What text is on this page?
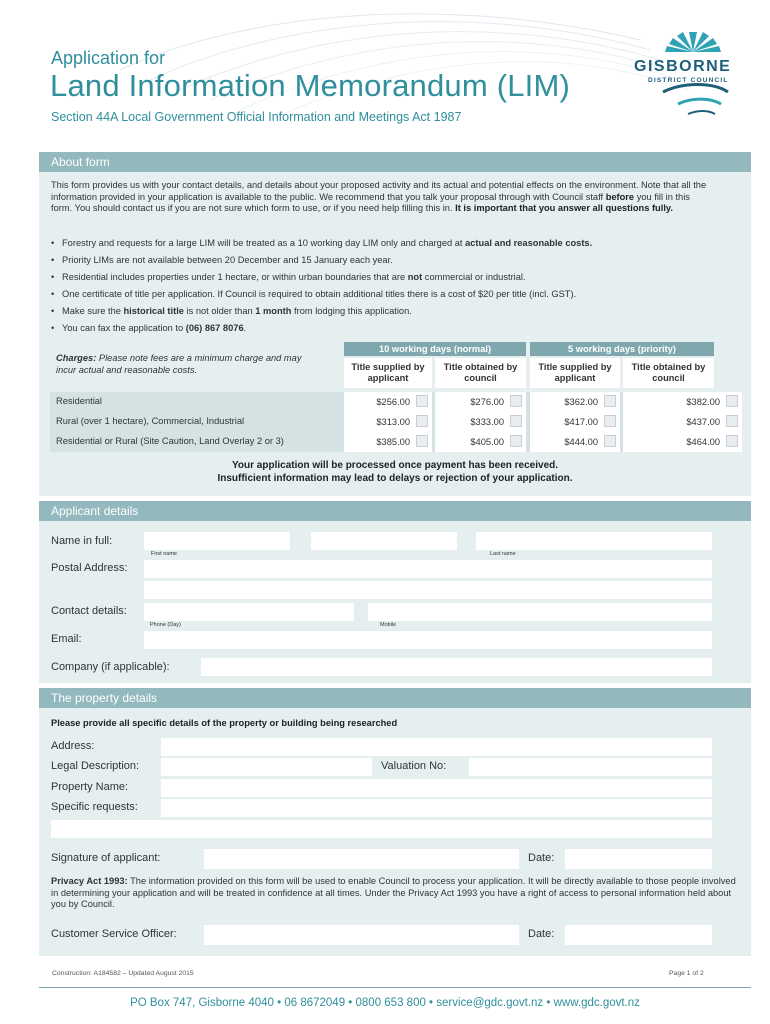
Application for
Land Information Memorandum (LIM)
Section 44A Local Government Official Information and Meetings Act 1987
GISBORNE
DISTRICT COUNCIL
About form
This form provides us with your contact details, and details about your proposed activity and its actual and potential effects on the environment. Note that all the information provided in your application is available to the public. We recommend that you talk your proposal through with Council staff before you fill in this form. You should contact us if you are not sure which form to use, or if you need help filling this in. It is important that you answer all questions fully.
• Forestry and requests for a large LIM will be treated as a 10 working day LIM only and charged at actual and reasonable costs.
• Priority LIMs are not available between 20 December and 15 January each year.
• Residential includes properties under 1 hectare, or within urban boundaries that are not commercial or industrial.
• One certificate of title per application. If Council is required to obtain additional titles there is a cost of $20 per title (incl. GST).
• Make sure the historical title is not older than 1 month from lodging this application.
• You can fax the application to (06) 867 8076.
Charges: Please note fees are a minimum charge and may incur actual and reasonable costs.
10 working days (normal)	5 working days (priority)
Title supplied by applicant
Title obtained by council
Title supplied by applicant
Title obtained by council
Residential	$256.00	$276.00	$362.00	$382.00
Rural (over 1 hectare), Commercial, Industrial	$313.00	$333.00	$417.00	$437.00
Residential or Rural (Site Caution, Land Overlay 2 or 3)	$385.00	$405.00	$444.00	$464.00
Your application will be processed once payment has been received.
Insufficient information may lead to delays or rejection of your application.
Applicant details
Name in full:
First name	Last name
Postal Address:
Contact details:
Phone (Day)	Mobile
Email:
Company (if applicable):
The property details
Please provide all specific details of the property or building being researched
Address:
Legal Description:	Valuation No:
Property Name:
Specific requests:
Signature of applicant:	Date:
Privacy Act 1993: The information provided on this form will be used to enable Council to process your application. It will be directly available to those people involved in determining your application and will be treated in confidence at all times. Under the Privacy Act 1993 you have a right of access to personal information held about you by Council.
Customer Service Officer:	Date:
Construction: A184582 – Updated August 2015	Page 1 of 2
PO Box 747, Gisborne 4040 • 06 8672049 • 0800 653 800 • service@gdc.govt.nz • www.gdc.govt.nz
